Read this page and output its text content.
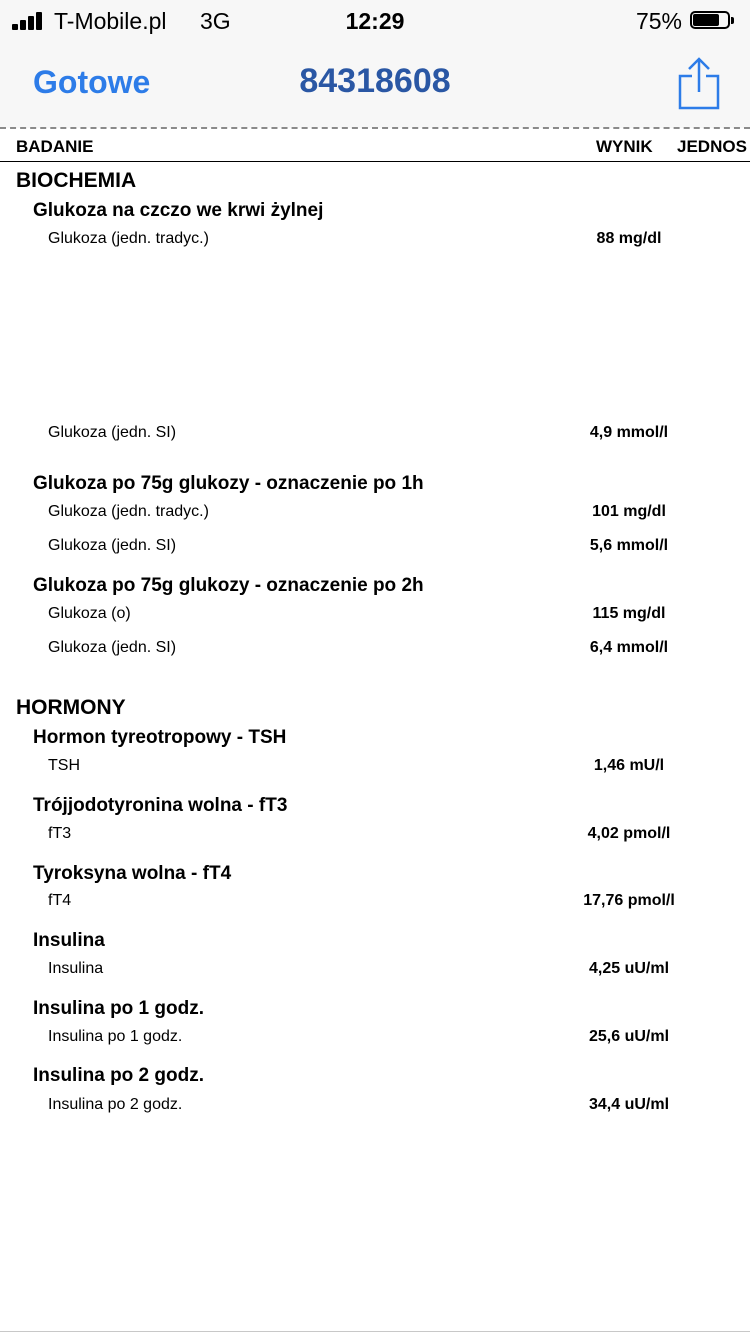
T-Mobile.pl 3G	12:29	75%
Gotowe	84318608
BADANIE	WYNIK JEDNOS
BIOCHEMIA
Glukoza na czczo we krwi żylnej
Glukoza (jedn. tradyc.)	88 mg/dl
Glukoza (jedn. SI)	4,9 mmol/l
Glukoza po 75g glukozy - oznaczenie po 1h
Glukoza (jedn. tradyc.)	101 mg/dl
Glukoza (jedn. SI)	5,6 mmol/l
Glukoza po 75g glukozy - oznaczenie po 2h
Glukoza (o)	115 mg/dl
Glukoza (jedn. SI)	6,4 mmol/l
HORMONY
Hormon tyreotropowy - TSH
TSH	1,46 mU/l
Trójjodotyronina wolna - fT3
fT3	4,02 pmol/l
Tyroksyna wolna - fT4
fT4	17,76 pmol/l
Insulina
Insulina	4,25 uU/ml
Insulina po 1 godz.
Insulina po 1 godz.	25,6 uU/ml
Insulina po 2 godz.
Insulina po 2 godz.	34,4 uU/ml
